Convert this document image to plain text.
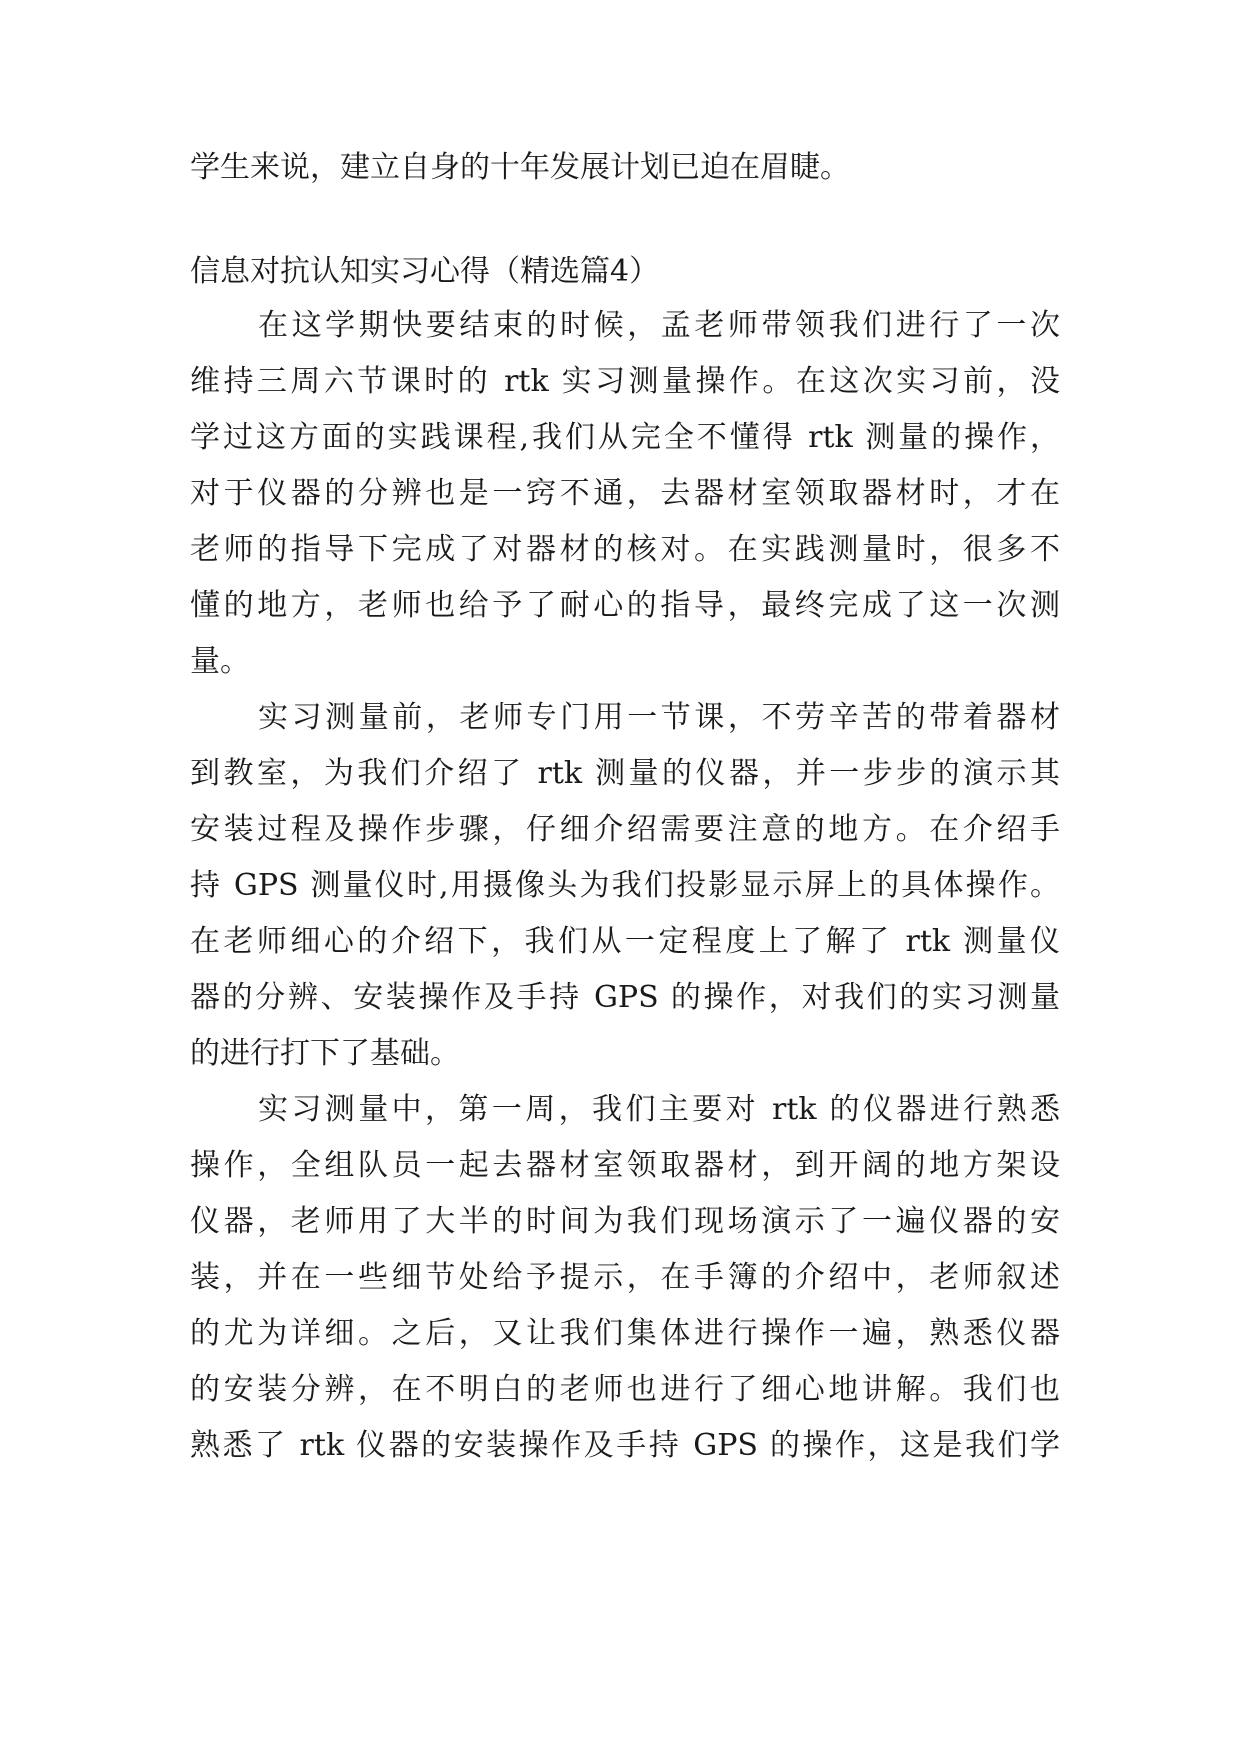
学生来说，建立自身的十年发展计划已迫在眉睫。
信息对抗认知实习心得（精选篇4）
在这学期快要结束的时候，孟老师带领我们进行了一次
维持三周六节课时的 rtk 实习测量操作。在这次实习前，没
学过这方面的实践课程,我们从完全不懂得 rtk 测量的操作，
对于仪器的分辨也是一窍不通，去器材室领取器材时，才在
老师的指导下完成了对器材的核对。在实践测量时，很多不
懂的地方，老师也给予了耐心的指导，最终完成了这一次测
量。
实习测量前，老师专门用一节课，不劳辛苦的带着器材
到教室，为我们介绍了 rtk 测量的仪器，并一步步的演示其
安装过程及操作步骤，仔细介绍需要注意的地方。在介绍手
持 GPS 测量仪时,用摄像头为我们投影显示屏上的具体操作。
在老师细心的介绍下，我们从一定程度上了解了 rtk 测量仪
器的分辨、安装操作及手持 GPS 的操作，对我们的实习测量
的进行打下了基础。
实习测量中，第一周，我们主要对 rtk 的仪器进行熟悉
操作，全组队员一起去器材室领取器材，到开阔的地方架设
仪器，老师用了大半的时间为我们现场演示了一遍仪器的安
装，并在一些细节处给予提示，在手簿的介绍中，老师叙述
的尤为详细。之后，又让我们集体进行操作一遍，熟悉仪器
的安装分辨，在不明白的老师也进行了细心地讲解。我们也
熟悉了 rtk 仪器的安装操作及手持 GPS 的操作，这是我们学
